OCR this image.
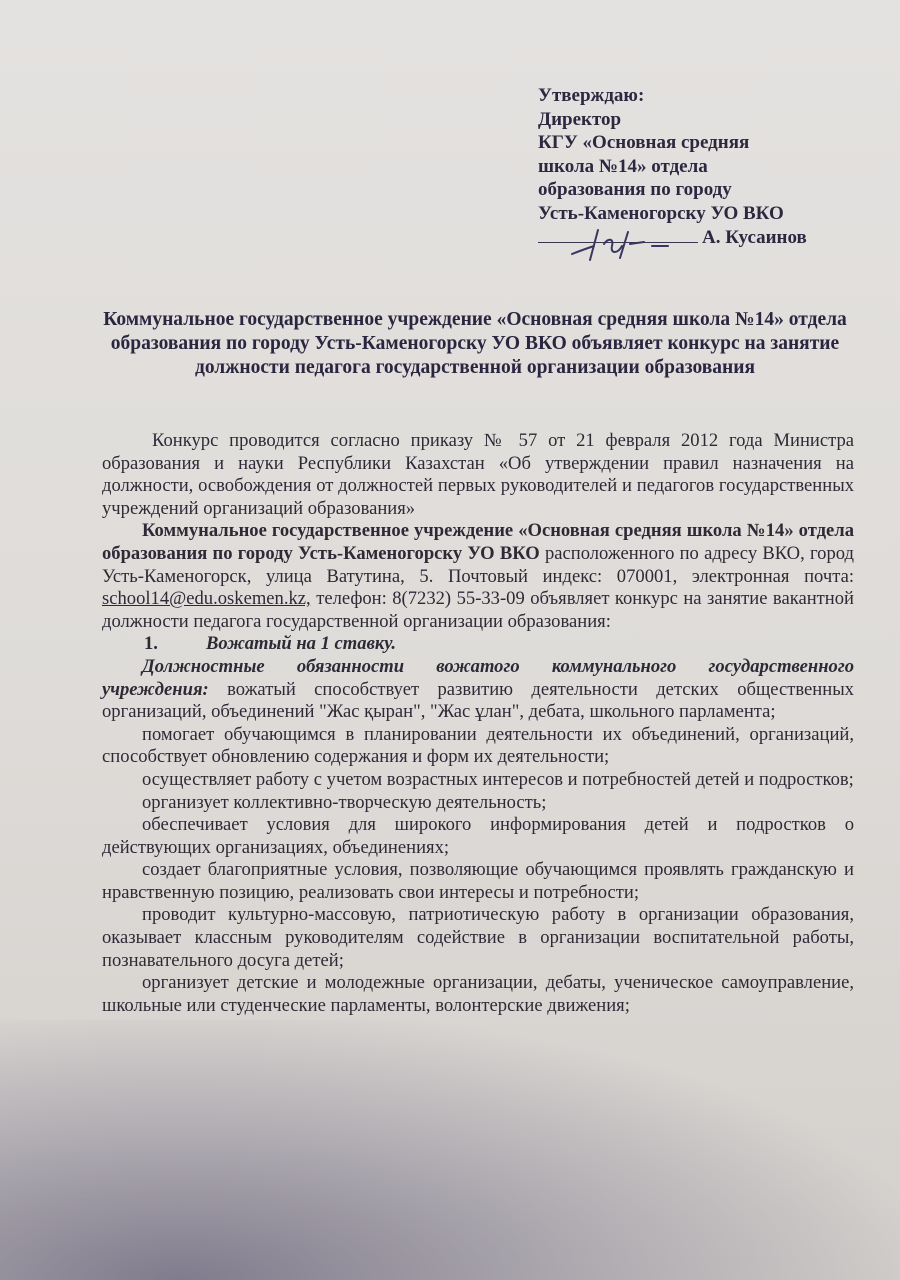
Утверждаю:
Директор
КГУ «Основная средняя
школа №14» отдела
образования по городу
Усть-Каменогорску УО ВКО
А. Кусаинов
Коммунальное государственное учреждение «Основная средняя школа №14» отдела образования по городу Усть-Каменогорску УО ВКО объявляет конкурс на занятие должности педагога государственной организации образования

Конкурс проводится согласно приказу № 57 от 21 февраля 2012 года Министра образования и науки Республики Казахстан «Об утверждении правил назначения на должности, освобождения от должностей первых руководителей и педагогов государственных учреждений организаций образования»

Коммунальное государственное учреждение «Основная средняя школа №14» отдела образования по городу Усть-Каменогорску УО ВКО расположенного по адресу ВКО, город Усть-Каменогорск, улица Ватутина, 5. Почтовый индекс: 070001, электронная почта: school14@edu.oskemen.kz, телефон: 8(7232) 55-33-09 объявляет конкурс на занятие вакантной должности педагога государственной организации образования:

1.	Вожатый на 1 ставку.

Должностные обязанности вожатого коммунального государственного учреждения: вожатый способствует развитию деятельности детских общественных организаций, объединений "Жас қыран", "Жас ұлан", дебата, школьного парламента;

помогает обучающимся в планировании деятельности их объединений, организаций, способствует обновлению содержания и форм их деятельности;

осуществляет работу с учетом возрастных интересов и потребностей детей и подростков;

организует коллективно-творческую деятельность;

обеспечивает условия для широкого информирования детей и подростков о действующих организациях, объединениях;

создает благоприятные условия, позволяющие обучающимся проявлять гражданскую и нравственную позицию, реализовать свои интересы и потребности;

проводит культурно-массовую, патриотическую работу в организации образования, оказывает классным руководителям содействие в организации воспитательной работы, познавательного досуга детей;

организует детские и молодежные организации, дебаты, ученическое самоуправление, школьные или студенческие парламенты, волонтерские движения;
